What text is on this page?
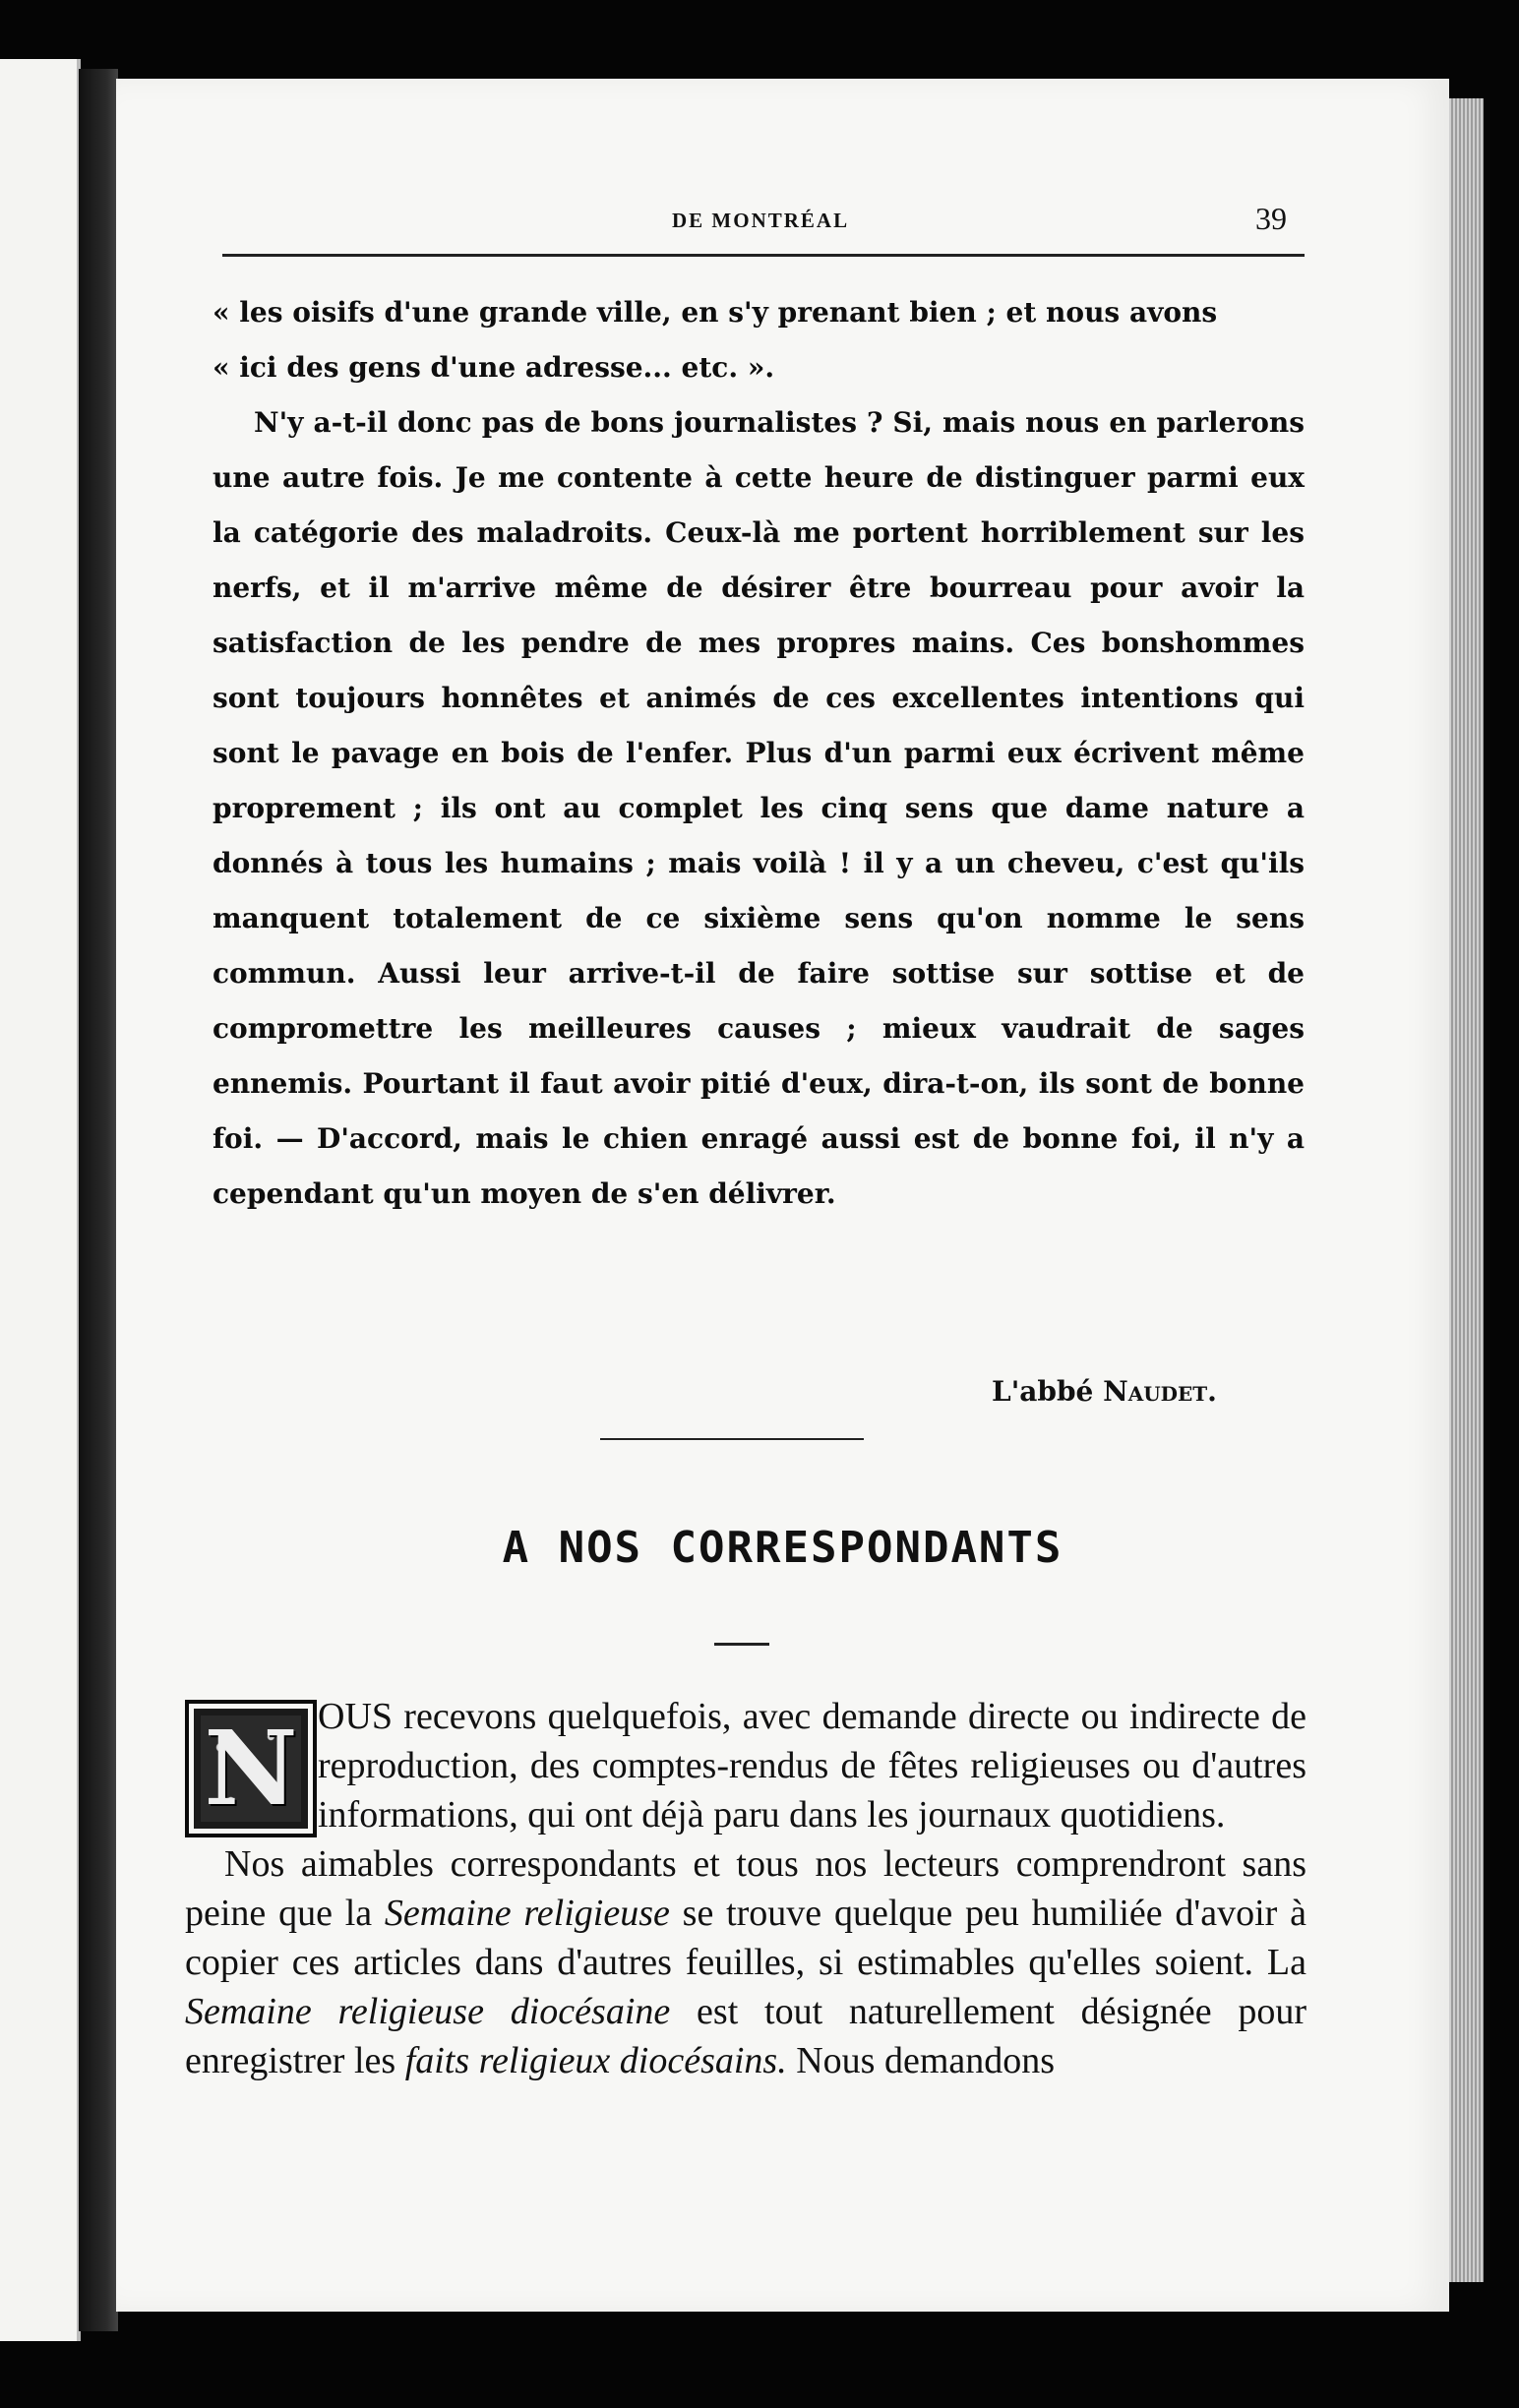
DE MONTRÉAL	39

« les oisifs d'une grande ville, en s'y prenant bien ; et nous avons

« ici des gens d'une adresse... etc. ».

N'y a-t-il donc pas de bons journalistes ? Si, mais nous en parlerons une autre fois. Je me contente à cette heure de distinguer parmi eux la catégorie des maladroits. Ceux-là me portent horriblement sur les nerfs, et il m'arrive même de désirer être bourreau pour avoir la satisfaction de les pendre de mes propres mains. Ces bonshommes sont toujours honnêtes et animés de ces excellentes intentions qui sont le pavage en bois de l'enfer. Plus d'un parmi eux écrivent même proprement ; ils ont au complet les cinq sens que dame nature a donnés à tous les humains ; mais voilà ! il y a un cheveu, c'est qu'ils manquent totalement de ce sixième sens qu'on nomme le sens commun. Aussi leur arrive-t-il de faire sottise sur sottise et de compromettre les meilleures causes ; mieux vaudrait de sages ennemis. Pourtant il faut avoir pitié d'eux, dira-t-on, ils sont de bonne foi. — D'accord, mais le chien enragé aussi est de bonne foi, il n'y a cependant qu'un moyen de s'en délivrer.

L'abbé Naudet.
A NOS CORRESPONDANTS
N OUS recevons quelquefois, avec demande directe ou indirecte de reproduction, des comptes-rendus de fêtes religieuses ou d'autres informations, qui ont déjà paru dans les journaux quotidiens.

Nos aimables correspondants et tous nos lecteurs comprendront sans peine que la Semaine religieuse se trouve quelque peu humiliée d'avoir à copier ces articles dans d'autres feuilles, si estimables qu'elles soient. La Semaine religieuse diocésaine est tout naturellement désignée pour enregistrer les faits religieux diocésains. Nous demandons
